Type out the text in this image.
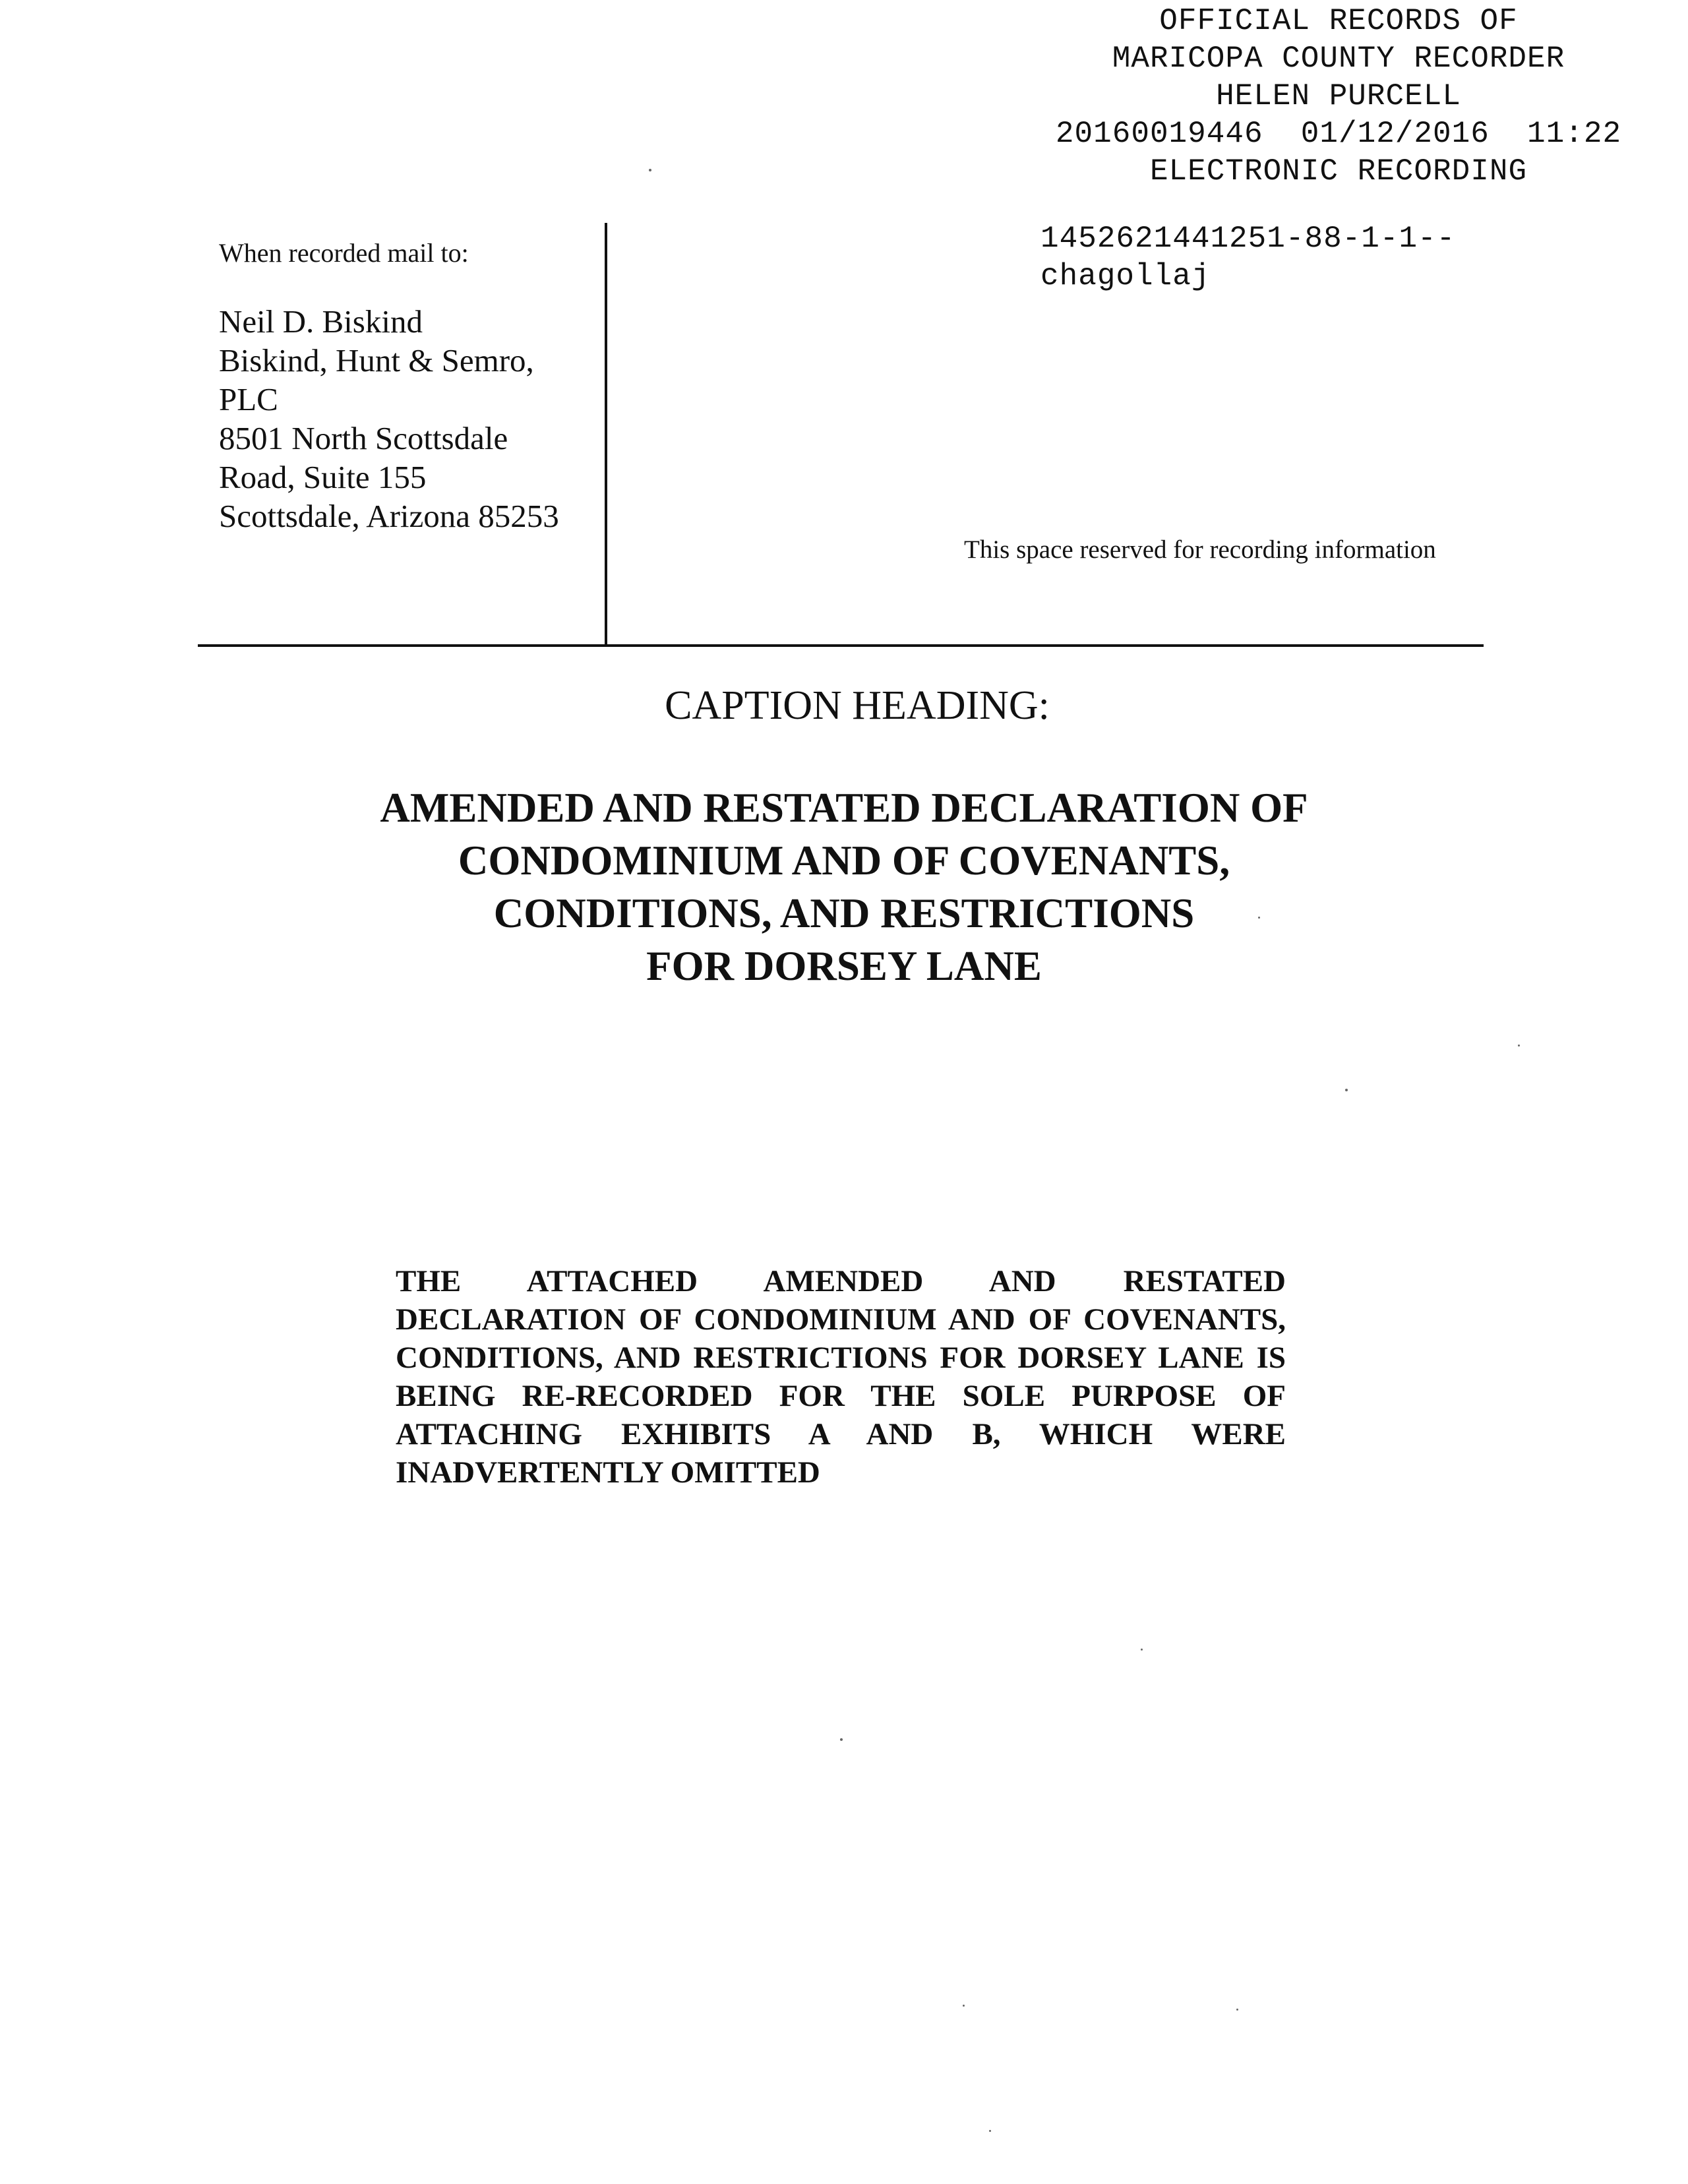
OFFICIAL RECORDS OF
MARICOPA COUNTY RECORDER
HELEN PURCELL
20160019446  01/12/2016  11:22
ELECTRONIC RECORDING
1452621441251-88-1-1--
chagollaj
When recorded mail to:
Neil D. Biskind
Biskind, Hunt & Semro,
PLC
8501 North Scottsdale
Road, Suite 155
Scottsdale, Arizona 85253
This space reserved for recording information
CAPTION HEADING:
AMENDED AND RESTATED DECLARATION OF
CONDOMINIUM AND OF COVENANTS,
CONDITIONS, AND RESTRICTIONS
FOR DORSEY LANE
THE ATTACHED AMENDED AND RESTATED
DECLARATION OF CONDOMINIUM AND OF COVENANTS,
CONDITIONS, AND RESTRICTIONS FOR DORSEY LANE IS
BEING RE-RECORDED FOR THE SOLE PURPOSE OF
ATTACHING EXHIBITS A AND B, WHICH WERE
INADVERTENTLY OMITTED
